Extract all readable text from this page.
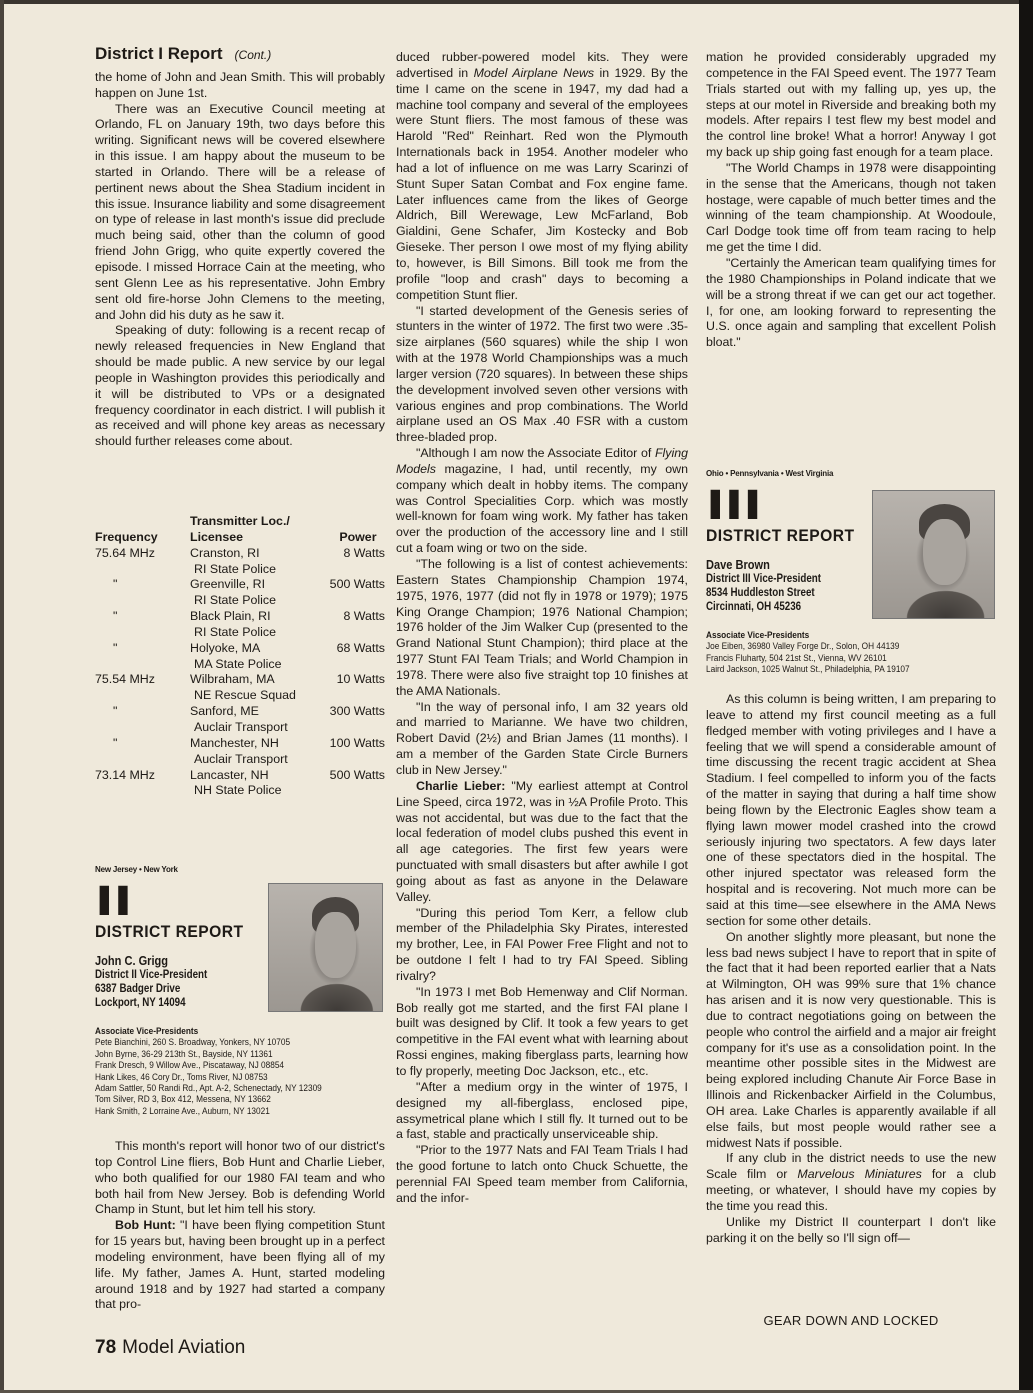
District I Report (Cont.)

the home of John and Jean Smith. This will probably happen on June 1st.

There was an Executive Council meeting at Orlando, FL on January 19th, two days before this writing. Significant news will be covered elsewhere in this issue. I am happy about the museum to be started in Orlando. There will be a release of pertinent news about the Shea Stadium incident in this issue. Insurance liability and some disagreement on type of release in last month's issue did preclude much being said, other than the column of good friend John Grigg, who quite expertly covered the episode. I missed Horrace Cain at the meeting, who sent Glenn Lee as his representative. John Embry sent old fire-horse John Clemens to the meeting, and John did his duty as he saw it.

Speaking of duty: following is a recent recap of newly released frequencies in New England that should be made public. A new service by our legal people in Washington provides this periodically and it will be distributed to VPs or a designated frequency coordinator in each district. I will publish it as received and will phone key areas as necessary should further releases come about.

	Transmitter Loc./	
Frequency	Licensee	Power
75.64 MHz	Cranston, RI	8 Watts
	RI State Police	
"	Greenville, RI	500 Watts
	RI State Police	
"	Black Plain, RI	8 Watts
	RI State Police	
"	Holyoke, MA	68 Watts
	MA State Police	
75.54 MHz	Wilbraham, MA	10 Watts
	NE Rescue Squad	
"	Sanford, ME	300 Watts
	Auclair Transport	
"	Manchester, NH	100 Watts
	Auclair Transport	
73.14 MHz	Lancaster, NH	500 Watts
	NH State Police	
New Jersey • New York
II
DISTRICT REPORT
John C. Grigg
District II Vice-President
6387 Badger Drive
Lockport, NY 14094
Associate Vice-Presidents
Pete Bianchini, 260 S. Broadway, Yonkers, NY 10705
John Byrne, 36-29 213th St., Bayside, NY 11361
Frank Dresch, 9 Willow Ave., Piscataway, NJ 08854
Hank Likes, 46 Cory Dr., Toms River, NJ 08753
Adam Sattler, 50 Randi Rd., Apt. A-2, Schenectady, NY 12309
Tom Silver, RD 3, Box 412, Messena, NY 13662
Hank Smith, 2 Lorraine Ave., Auburn, NY 13021

This month's report will honor two of our district's top Control Line fliers, Bob Hunt and Charlie Lieber, who both qualified for our 1980 FAI team and who both hail from New Jersey. Bob is defending World Champ in Stunt, but let him tell his story.

Bob Hunt: "I have been flying competition Stunt for 15 years but, having been brought up in a perfect modeling environment, have been flying all of my life. My father, James A. Hunt, started modeling around 1918 and by 1927 had started a company that pro-

duced rubber-powered model kits. They were advertised in Model Airplane News in 1929. By the time I came on the scene in 1947, my dad had a machine tool company and several of the employees were Stunt fliers. The most famous of these was Harold "Red" Reinhart. Red won the Plymouth Internationals back in 1954. Another modeler who had a lot of influence on me was Larry Scarinzi of Stunt Super Satan Combat and Fox engine fame. Later influences came from the likes of George Aldrich, Bill Werewage, Lew McFarland, Bob Gialdini, Gene Schafer, Jim Kostecky and Bob Gieseke. Ther person I owe most of my flying ability to, however, is Bill Simons. Bill took me from the profile "loop and crash" days to becoming a competition Stunt flier.

"I started development of the Genesis series of stunters in the winter of 1972. The first two were .35-size airplanes (560 squares) while the ship I won with at the 1978 World Championships was a much larger version (720 squares). In between these ships the development involved seven other versions with various engines and prop combinations. The World airplane used an OS Max .40 FSR with a custom three-bladed prop.

"Although I am now the Associate Editor of Flying Models magazine, I had, until recently, my own company which dealt in hobby items. The company was Control Specialities Corp. which was mostly well-known for foam wing work. My father has taken over the production of the accessory line and I still cut a foam wing or two on the side.

"The following is a list of contest achievements: Eastern States Championship Champion 1974, 1975, 1976, 1977 (did not fly in 1978 or 1979); 1975 King Orange Champion; 1976 National Champion; 1976 holder of the Jim Walker Cup (presented to the Grand National Stunt Champion); third place at the 1977 Stunt FAI Team Trials; and World Champion in 1978. There were also five straight top 10 finishes at the AMA Nationals.

"In the way of personal info, I am 32 years old and married to Marianne. We have two children, Robert David (2½) and Brian James (11 months). I am a member of the Garden State Circle Burners club in New Jersey."

Charlie Lieber: "My earliest attempt at Control Line Speed, circa 1972, was in ½A Profile Proto. This was not accidental, but was due to the fact that the local federation of model clubs pushed this event in all age categories. The first few years were punctuated with small disasters but after awhile I got going about as fast as anyone in the Delaware Valley.

"During this period Tom Kerr, a fellow club member of the Philadelphia Sky Pirates, interested my brother, Lee, in FAI Power Free Flight and not to be outdone I felt I had to try FAI Speed. Sibling rivalry?

"In 1973 I met Bob Hemenway and Clif Norman. Bob really got me started, and the first FAI plane I built was designed by Clif. It took a few years to get competitive in the FAI event what with learning about Rossi engines, making fiberglass parts, learning how to fly properly, meeting Doc Jackson, etc., etc.

"After a medium orgy in the winter of 1975, I designed my all-fiberglass, enclosed pipe, assymetrical plane which I still fly. It turned out to be a fast, stable and practically unserviceable ship.

"Prior to the 1977 Nats and FAI Team Trials I had the good fortune to latch onto Chuck Schuette, the perennial FAI Speed team member from California, and the infor-

mation he provided considerably upgraded my competence in the FAI Speed event. The 1977 Team Trials started out with my falling up, yes up, the steps at our motel in Riverside and breaking both my models. After repairs I test flew my best model and the control line broke! What a horror! Anyway I got my back up ship going fast enough for a team place.

"The World Champs in 1978 were disappointing in the sense that the Americans, though not taken hostage, were capable of much better times and the winning of the team championship. At Woodoule, Carl Dodge took time off from team racing to help me get the time I did.

"Certainly the American team qualifying times for the 1980 Championships in Poland indicate that we will be a strong threat if we can get our act together. I, for one, am looking forward to representing the U.S. once again and sampling that excellent Polish bloat."

Ohio • Pennsylvania • West Virginia
III
DISTRICT REPORT
Dave Brown
District III Vice-President
8534 Huddleston Street
Circinnati, OH 45236
Associate Vice-Presidents
Joe Eiben, 36980 Valley Forge Dr., Solon, OH 44139
Francis Fluharty, 504 21st St., Vienna, WV 26101
Laird Jackson, 1025 Walnut St., Philadelphia, PA 19107

As this column is being written, I am preparing to leave to attend my first council meeting as a full fledged member with voting privileges and I have a feeling that we will spend a considerable amount of time discussing the recent tragic accident at Shea Stadium. I feel compelled to inform you of the facts of the matter in saying that during a half time show being flown by the Electronic Eagles show team a flying lawn mower model crashed into the crowd seriously injuring two spectators. A few days later one of these spectators died in the hospital. The other injured spectator was released form the hospital and is recovering. Not much more can be said at this time—see elsewhere in the AMA News section for some other details.

On another slightly more pleasant, but none the less bad news subject I have to report that in spite of the fact that it had been reported earlier that a Nats at Wilmington, OH was 99% sure that 1% chance has arisen and it is now very questionable. This is due to contract negotiations going on between the people who control the airfield and a major air freight company for it's use as a consolidation point. In the meantime other possible sites in the Midwest are being explored including Chanute Air Force Base in Illinois and Rickenbacker Airfield in the Columbus, OH area. Lake Charles is apparently available if all else fails, but most people would rather see a midwest Nats if possible.

If any club in the district needs to use the new Scale film or Marvelous Miniatures for a club meeting, or whatever, I should have my copies by the time you read this.

Unlike my District II counterpart I don't like parking it on the belly so I'll sign off—

GEAR DOWN AND LOCKED
78 Model Aviation
